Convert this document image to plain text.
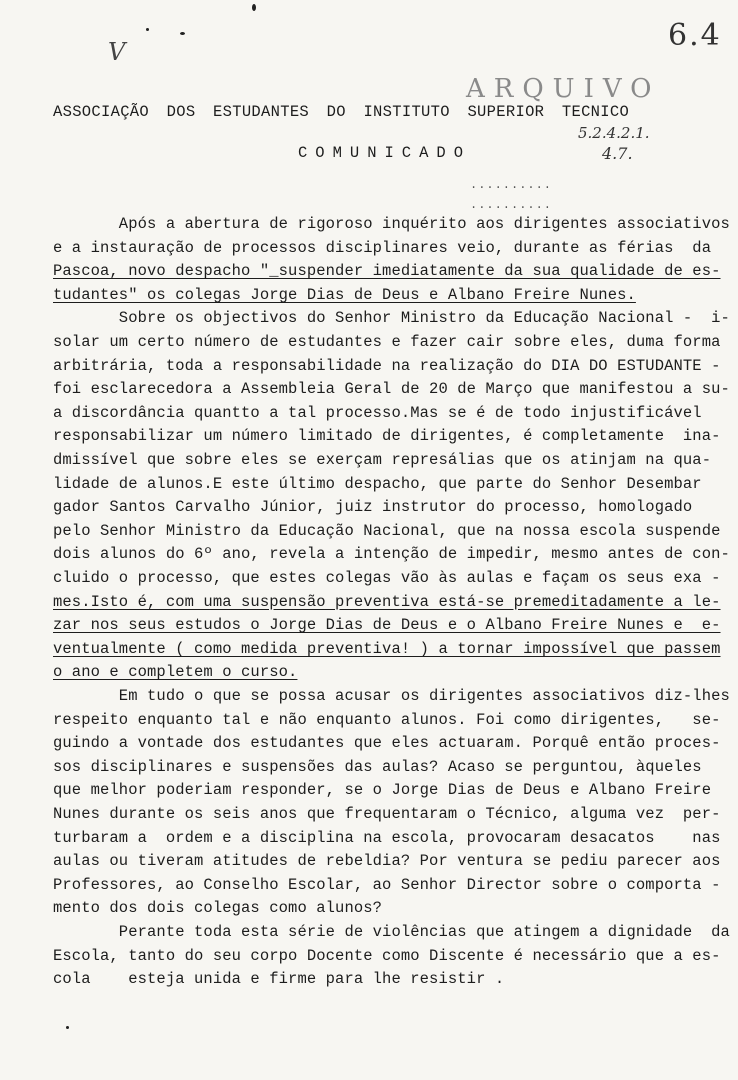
6.4
V
ARQUIVO
ASSOCIAÇÃO DOS ESTUDANTES DO INSTITUTO SUPERIOR TECNICO
5.2.4.2.1.
4.7.
COMUNICADO
..........
..........
Após a abertura de rigoroso inquérito aos dirigentes associativos
e a instauração de processos disciplinares veio, durante as férias  da
Pascoa, novo despacho "_suspender imediatamente da sua qualidade de es-
tudantes" os colegas Jorge Dias de Deus e Albano Freire Nunes.
Sobre os objectivos do Senhor Ministro da Educação Nacional -  i-
solar um certo número de estudantes e fazer cair sobre eles, duma forma
arbitrária, toda a responsabilidade na realização do DIA DO ESTUDANTE -
foi esclarecedora a Assembleia Geral de 20 de Março que manifestou a su-
a discordância quantto a tal processo.Mas se é de todo injustificável
responsabilizar um número limitado de dirigentes, é completamente  ina-
dmissível que sobre eles se exerçam represálias que os atinjam na qua-
lidade de alunos.E este último despacho, que parte do Senhor Desembar
gador Santos Carvalho Júnior, juiz instrutor do processo, homologado
pelo Senhor Ministro da Educação Nacional, que na nossa escola suspende
dois alunos do 6º ano, revela a intenção de impedir, mesmo antes de con-
cluido o processo, que estes colegas vão às aulas e façam os seus exa -
mes.Isto é, com uma suspensão preventiva está-se premeditadamente a le-
zar nos seus estudos o Jorge Dias de Deus e o Albano Freire Nunes e  e-
ventualmente ( como medida preventiva! ) a tornar impossível que passem
o ano e completem o curso.
Em tudo o que se possa acusar os dirigentes associativos diz-lhes
respeito enquanto tal e não enquanto alunos. Foi como dirigentes,   se-
guindo a vontade dos estudantes que eles actuaram. Porquê então proces-
sos disciplinares e suspensões das aulas? Acaso se perguntou, àqueles
que melhor poderiam responder, se o Jorge Dias de Deus e Albano Freire
Nunes durante os seis anos que frequentaram o Técnico, alguma vez  per-
turbaram a  ordem e a disciplina na escola, provocaram desacatos    nas
aulas ou tiveram atitudes de rebeldia? Por ventura se pediu parecer aos
Professores, ao Conselho Escolar, ao Senhor Director sobre o comporta -
mento dos dois colegas como alunos?
Perante toda esta série de violências que atingem a dignidade  da
Escola, tanto do seu corpo Docente como Discente é necessário que a es-
cola    esteja unida e firme para lhe resistir .
